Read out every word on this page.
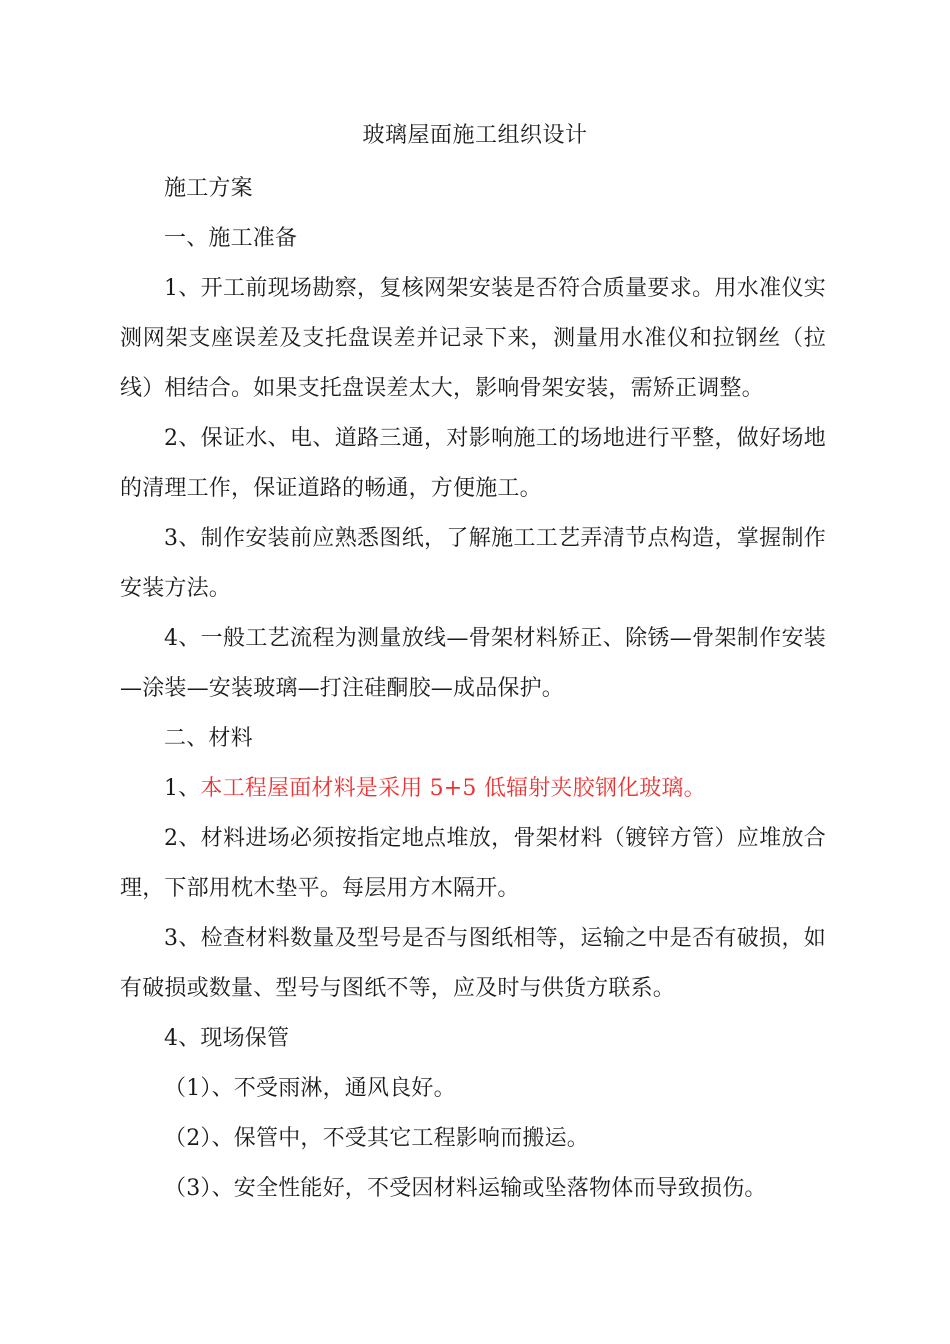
玻璃屋面施工组织设计

施工方案

一、施工准备

1、开工前现场勘察，复核网架安装是否符合质量要求。用水准仪实测网架支座误差及支托盘误差并记录下来，测量用水准仪和拉钢丝（拉线）相结合。如果支托盘误差太大，影响骨架安装，需矫正调整。

2、保证水、电、道路三通，对影响施工的场地进行平整，做好场地的清理工作，保证道路的畅通，方便施工。

3、制作安装前应熟悉图纸，了解施工工艺弄清节点构造，掌握制作安装方法。

4、一般工艺流程为测量放线—骨架材料矫正、除锈—骨架制作安装—涂装—安装玻璃—打注硅酮胶—成品保护。

二、材料

1、本工程屋面材料是采用 5+5 低辐射夹胶钢化玻璃。

2、材料进场必须按指定地点堆放，骨架材料（镀锌方管）应堆放合理，下部用枕木垫平。每层用方木隔开。

3、检查材料数量及型号是否与图纸相等，运输之中是否有破损，如有破损或数量、型号与图纸不等，应及时与供货方联系。

4、现场保管

（1）、不受雨淋，通风良好。

（2）、保管中，不受其它工程影响而搬运。

（3）、安全性能好，不受因材料运输或坠落物体而导致损伤。
